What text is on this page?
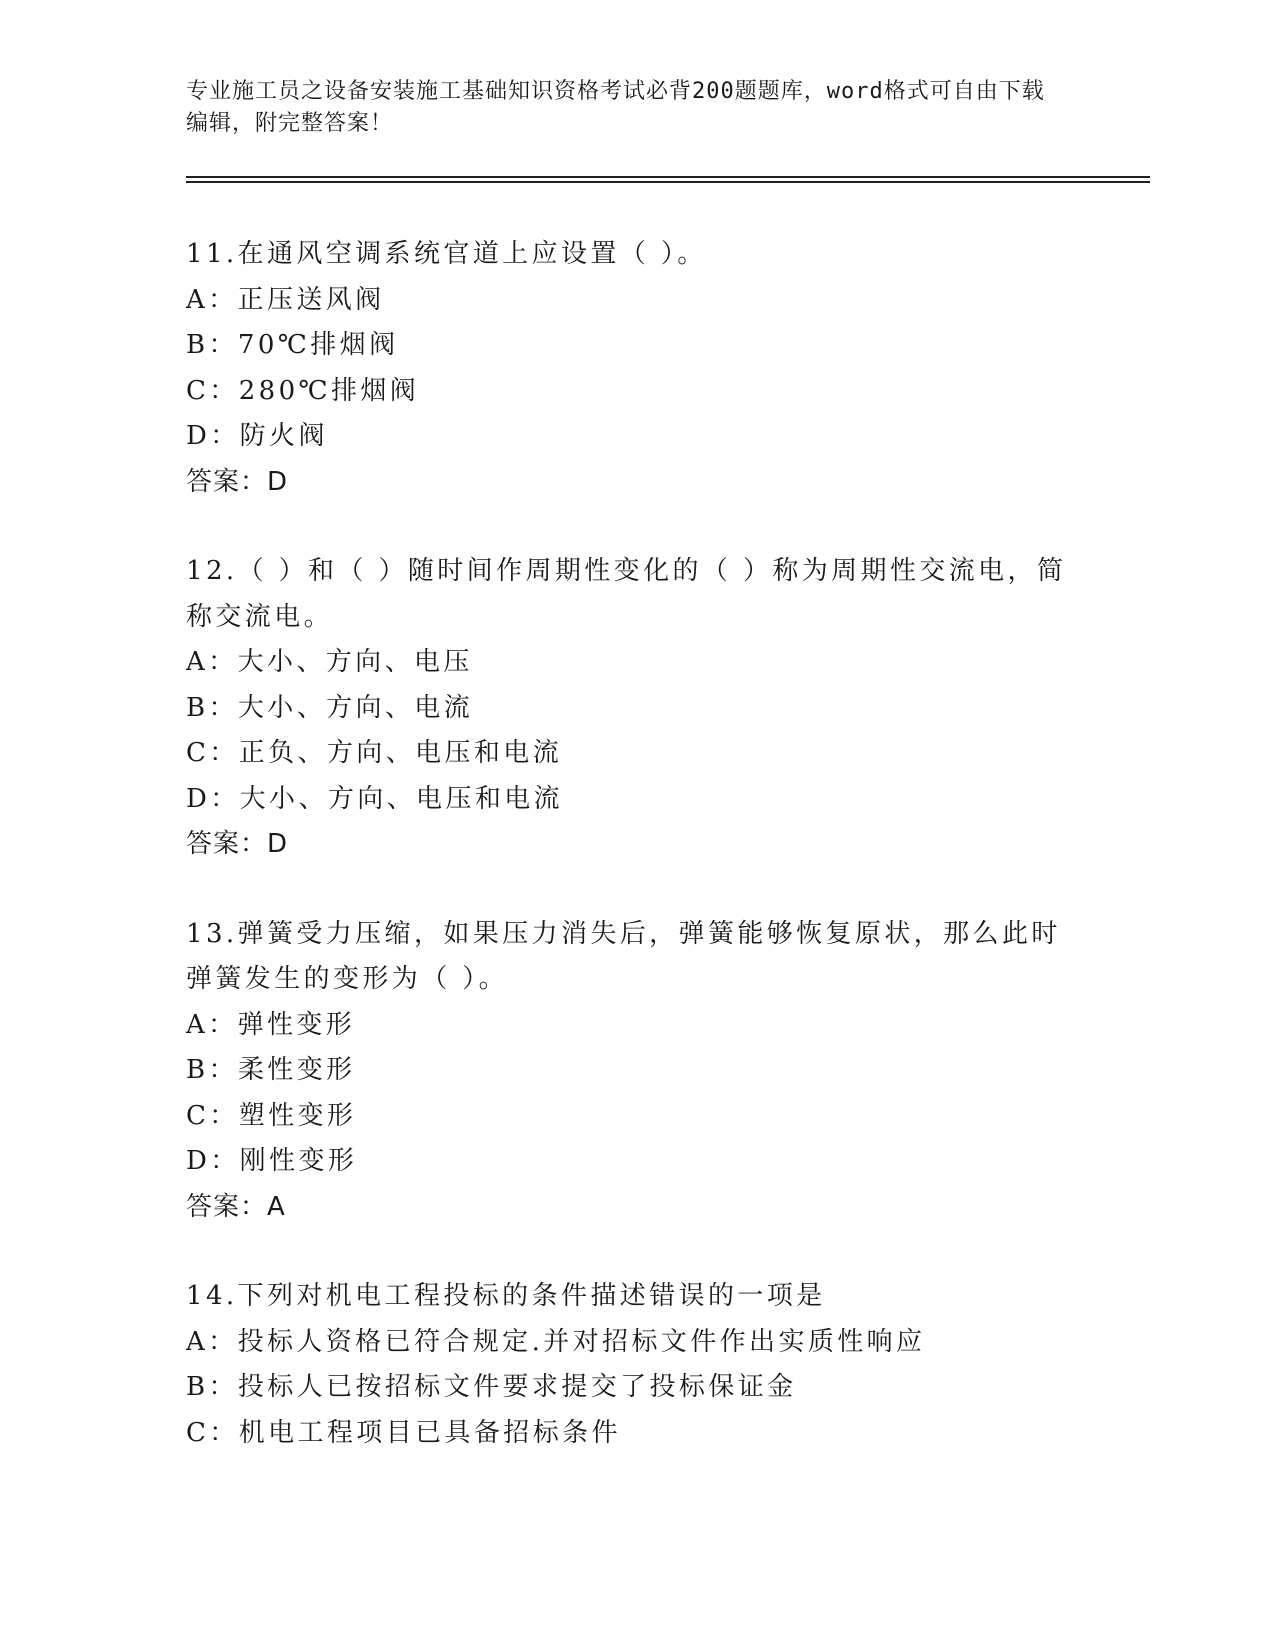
专业施工员之设备安装施工基础知识资格考试必背200题题库，word格式可自由下载编辑，附完整答案！
11.在通风空调系统官道上应设置（ ）。
A：正压送风阀
B：70℃排烟阀
C：280℃排烟阀
D：防火阀
答案：D
12.（ ）和（ ）随时间作周期性变化的（ ）称为周期性交流电，简称交流电。
A：大小、方向、电压
B：大小、方向、电流
C：正负、方向、电压和电流
D：大小、方向、电压和电流
答案：D
13.弹簧受力压缩，如果压力消失后，弹簧能够恢复原状，那么此时弹簧发生的变形为（ ）。
A：弹性变形
B：柔性变形
C：塑性变形
D：刚性变形
答案：A
14.下列对机电工程投标的条件描述错误的一项是
A：投标人资格已符合规定.并对招标文件作出实质性响应
B：投标人已按招标文件要求提交了投标保证金
C：机电工程项目已具备招标条件
